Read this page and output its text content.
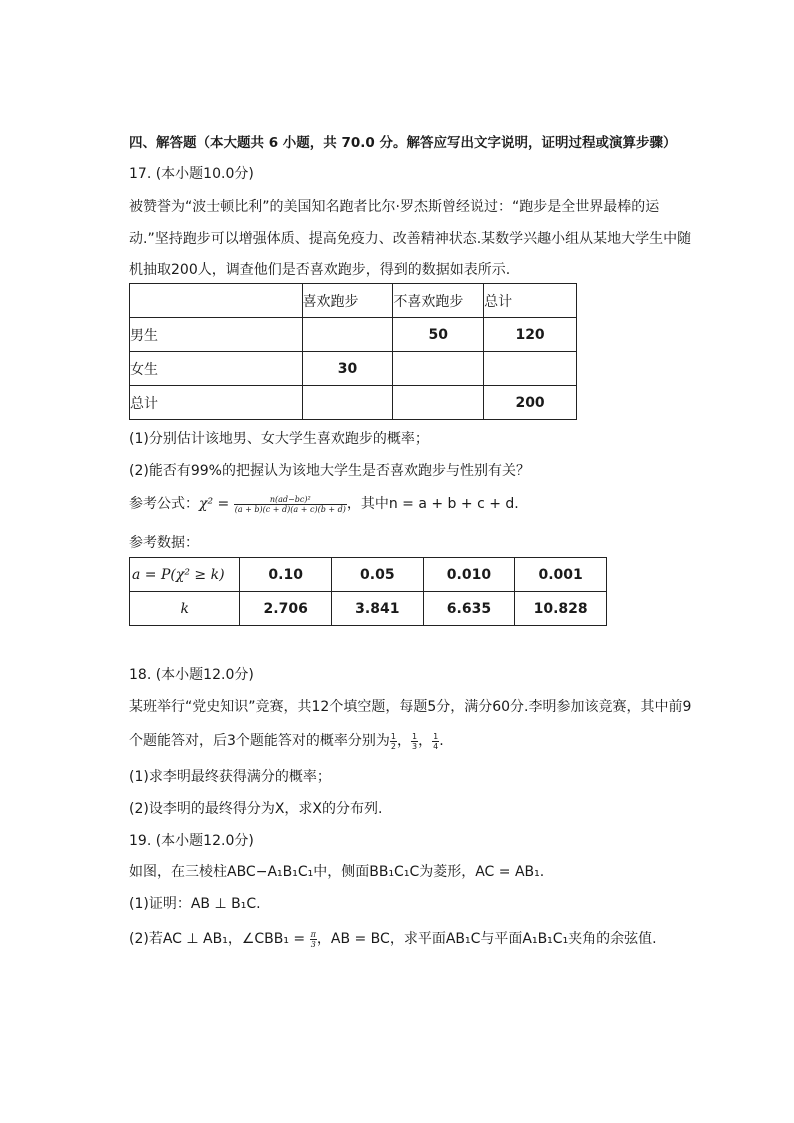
四、解答题（本大题共 6 小题，共 70.0 分。解答应写出文字说明，证明过程或演算步骤）
17. (本小题10.0分)
被赞誉为“波士顿比利”的美国知名跑者比尔·罗杰斯曾经说过：“跑步是全世界最棒的运
动.”坚持跑步可以增强体质、提高免疫力、改善精神状态.某数学兴趣小组从某地大学生中随
机抽取200人，调查他们是否喜欢跑步，得到的数据如表所示.
	喜欢跑步	不喜欢跑步	总计
男生		50	120
女生	30		
总计			200
(1)分别估计该地男、女大学生喜欢跑步的概率；
(2)能否有99%的把握认为该地大学生是否喜欢跑步与性别有关？
参考公式：$\chi^2 = \frac{\text{n(ad−bc)²}}{(a + b)(c + d)(a + c)(b + d)}$ ，其中n = a + b + c + d.
参考数据：
a = P(χ² ≥ k)	0.10	0.05	0.010	0.001
k	2.706	3.841	6.635	10.828
18. (本小题12.0分)
某班举行“党史知识”竞赛，共12个填空题，每题5分，满分60分.李明参加该竞赛，其中前9
个题能答对，后3个题能答对的概率分别为 $\frac{1}{2}$ ， $\frac{1}{3}$ ， $\frac{1}{4}$ .
(1)求李明最终获得满分的概率；
(2)设李明的最终得分为X，求X的分布列.
19. (本小题12.0分)
如图，在三棱柱ABC−A₁B₁C₁中，侧面BB₁C₁C为菱形，AC = AB₁.
(1)证明：AB ⊥ B₁C.
(2)若AC ⊥ AB₁，∠CBB₁ = $\frac{\pi}{3}$ ，AB = BC，求平面AB₁C与平面A₁B₁C₁夹角的余弦值.
